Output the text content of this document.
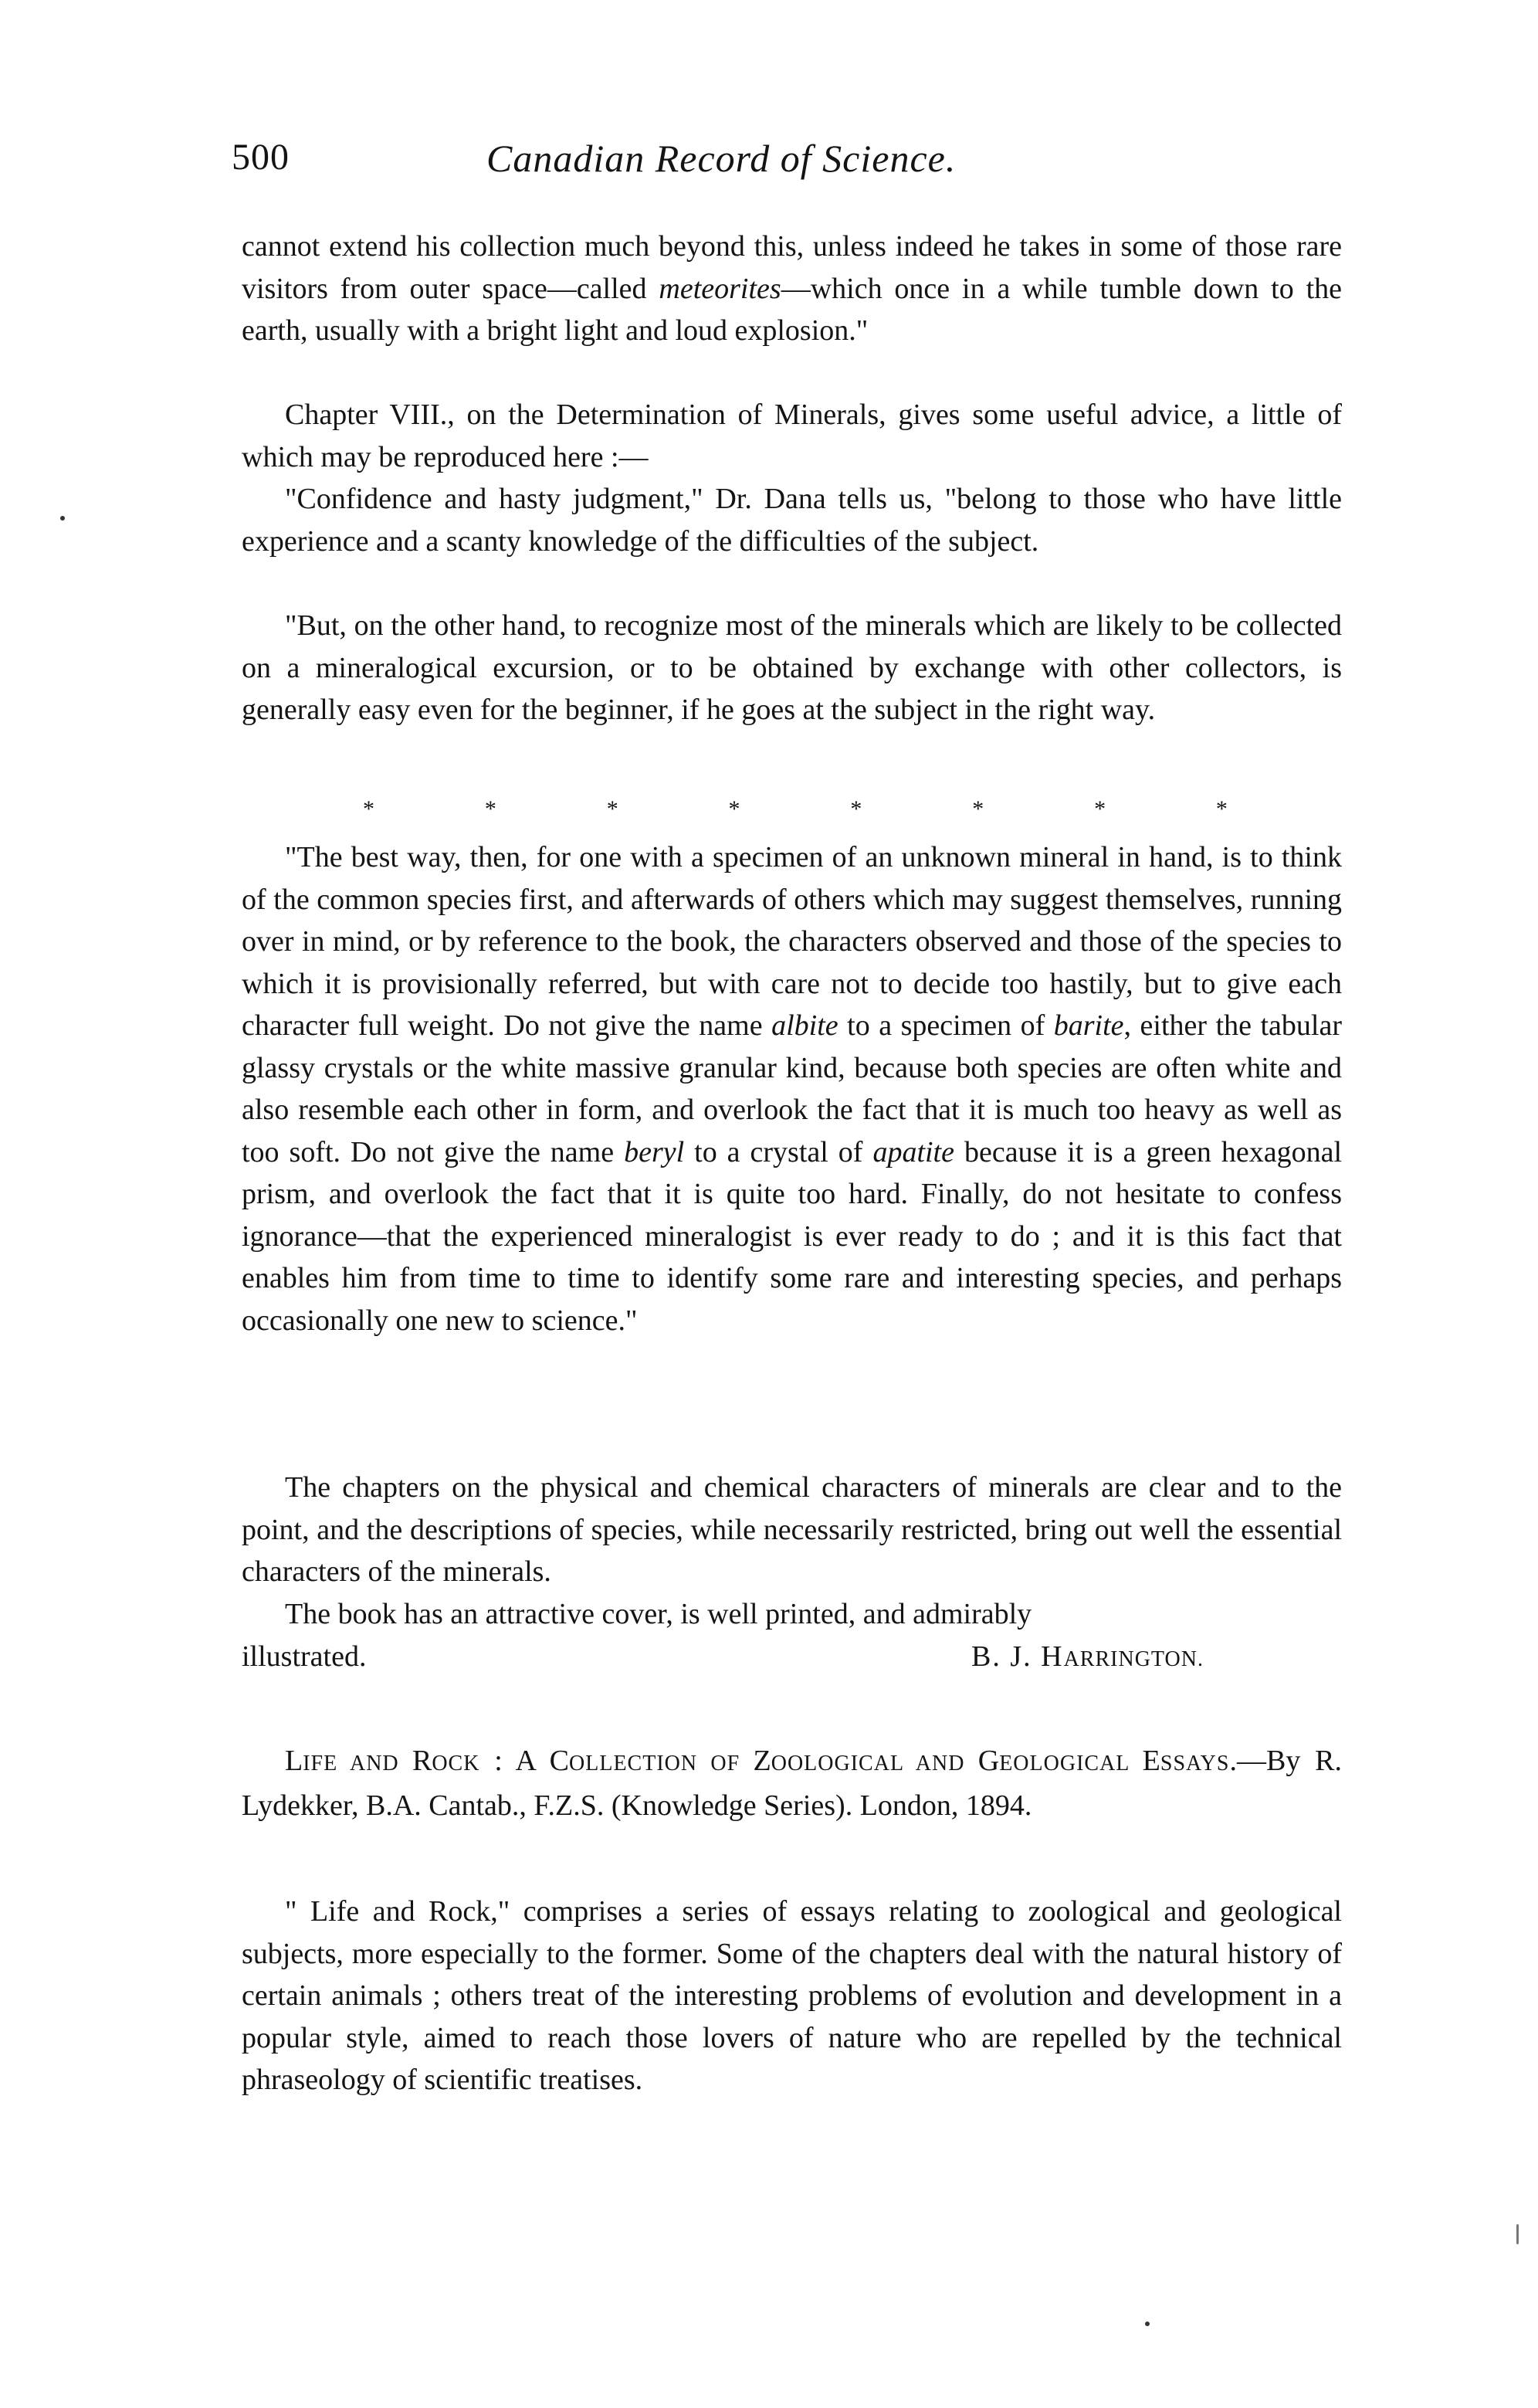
500	Canadian Record of Science.

cannot extend his collection much beyond this, unless indeed he takes in some of those rare visitors from outer space—called meteorites—which once in a while tumble down to the earth, usually with a bright light and loud explosion."

Chapter VIII., on the Determination of Minerals, gives some useful advice, a little of which may be reproduced here :—

"Confidence and hasty judgment," Dr. Dana tells us, "belong to those who have little experience and a scanty knowledge of the difficulties of the subject.

"But, on the other hand, to recognize most of the minerals which are likely to be collected on a mineralogical excursion, or to be obtained by exchange with other collectors, is generally easy even for the beginner, if he goes at the subject in the right way.

*	*	*	*	*	*	*	*

"The best way, then, for one with a specimen of an unknown mineral in hand, is to think of the common species first, and afterwards of others which may suggest themselves, running over in mind, or by reference to the book, the characters observed and those of the species to which it is provisionally referred, but with care not to decide too hastily, but to give each character full weight. Do not give the name albite to a specimen of barite, either the tabular glassy crystals or the white massive granular kind, because both species are often white and also resemble each other in form, and overlook the fact that it is much too heavy as well as too soft. Do not give the name beryl to a crystal of apatite because it is a green hexagonal prism, and overlook the fact that it is quite too hard. Finally, do not hesitate to confess ignorance—that the experienced mineralogist is ever ready to do ; and it is this fact that enables him from time to time to identify some rare and interesting species, and perhaps occasionally one new to science."

The chapters on the physical and chemical characters of minerals are clear and to the point, and the descriptions of species, while necessarily restricted, bring out well the essential characters of the minerals.

The book has an attractive cover, is well printed, and admirably

illustrated.	B. J. HARRINGTON.

LIFE AND ROCK : A COLLECTION OF ZOOLOGICAL AND GEOLOGICAL ESSAYS.—By R. Lydekker, B.A. Cantab., F.Z.S. (Knowledge Series). London, 1894.

" Life and Rock," comprises a series of essays relating to zoological and geological subjects, more especially to the former. Some of the chapters deal with the natural history of certain animals ; others treat of the interesting problems of evolution and development in a popular style, aimed to reach those lovers of nature who are repelled by the technical phraseology of scientific treatises.
